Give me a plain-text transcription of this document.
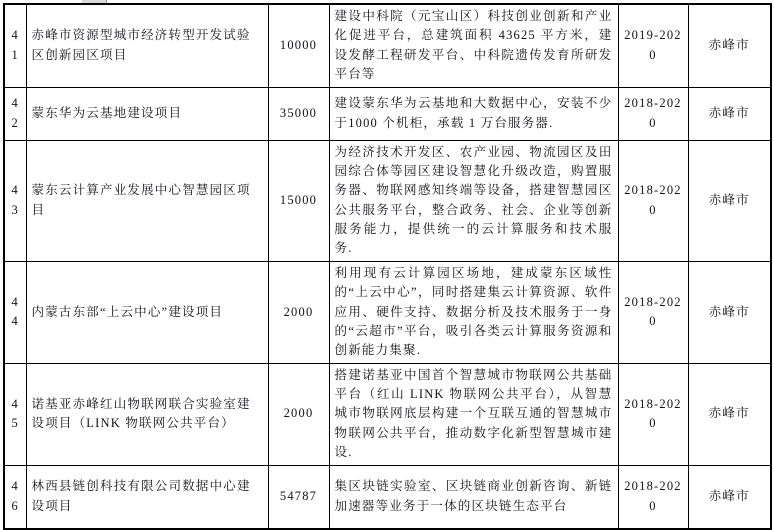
41	赤峰市资源型城市经济转型开发试验区创新园区项目	10000	建设中科院（元宝山区）科技创业创新和产业化促进平台，总建筑面积 43625 平方米，建设发酵工程研发平台、中科院遗传发育所研发平台等	2019-2020	赤峰市
42	蒙东华为云基地建设项目	35000	建设蒙东华为云基地和大数据中心，安装不少于1000 个机柜，承载 1 万台服务器.	2018-2020	赤峰市
43	蒙东云计算产业发展中心智慧园区项目	15000	为经济技术开发区、农产业园、物流园区及田园综合体等园区建设智慧化升级改造，购置服务器、物联网感知终端等设备，搭建智慧园区公共服务平台，整合政务、社会、企业等创新服务能力，提供统一的云计算服务和技术服务.	2018-2020	赤峰市
44	内蒙古东部“上云中心”建设项目	2000	利用现有云计算园区场地，建成蒙东区域性的“上云中心”，同时搭建集云计算资源、软件应用、硬件支持、数据分析及技术服务于一身的“云超市”平台，吸引各类云计算服务资源和创新能力集聚.	2018-2020	赤峰市
45	诺基亚赤峰红山物联网联合实验室建设项目（LINK 物联网公共平台）	2000	搭建诺基亚中国首个智慧城市物联网公共基础平台（红山 LINK 物联网公共平台），从智慧城市物联网底层构建一个互联互通的智慧城市物联网公共平台，推动数字化新型智慧城市建设.	2018-2020	赤峰市
46	林西县链创科技有限公司数据中心建设项目	54787	集区块链实验室、区块链商业创新咨询、新链加速器等业务于一体的区块链生态平台	2018-2020	赤峰市
